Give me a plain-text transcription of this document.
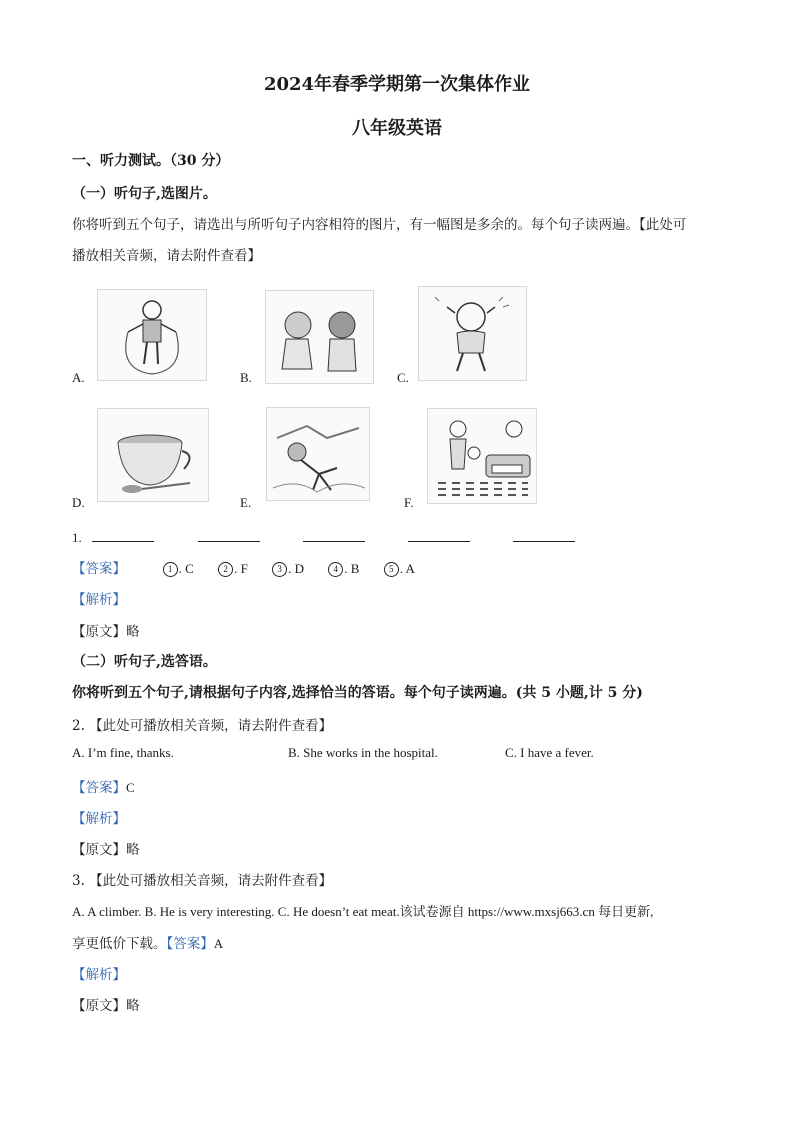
2024年春季学期第一次集体作业
八年级英语
一、听力测试。（30 分）
（一）听句子,选图片。
你将听到五个句子，请选出与所听句子内容相符的图片，有一幅图是多余的。每个句子读两遍。【此处可
播放相关音频，请去附件查看】
A.	B.	C.
D.	E.	F.
1.
【答案】	1 . C	2 . F	3 . D	4 . B	5 . A
【解析】
【原文】略
（二）听句子,选答语。
你将听到五个句子,请根据句子内容,选择恰当的答语。每个句子读两遍。(共 5 小题,计 5 分)
2. 【此处可播放相关音频，请去附件查看】
A. I’m fine, thanks.	B. She works in the hospital.	C. I have a fever.
【答案】C
【解析】
【原文】略
3. 【此处可播放相关音频，请去附件查看】
A. A climber. B. He is very interesting. C. He doesn’t eat meat.该试卷源自 https://www.mxsj663.cn 每日更新,
享更低价下载。【答案】A
【解析】
【原文】略
